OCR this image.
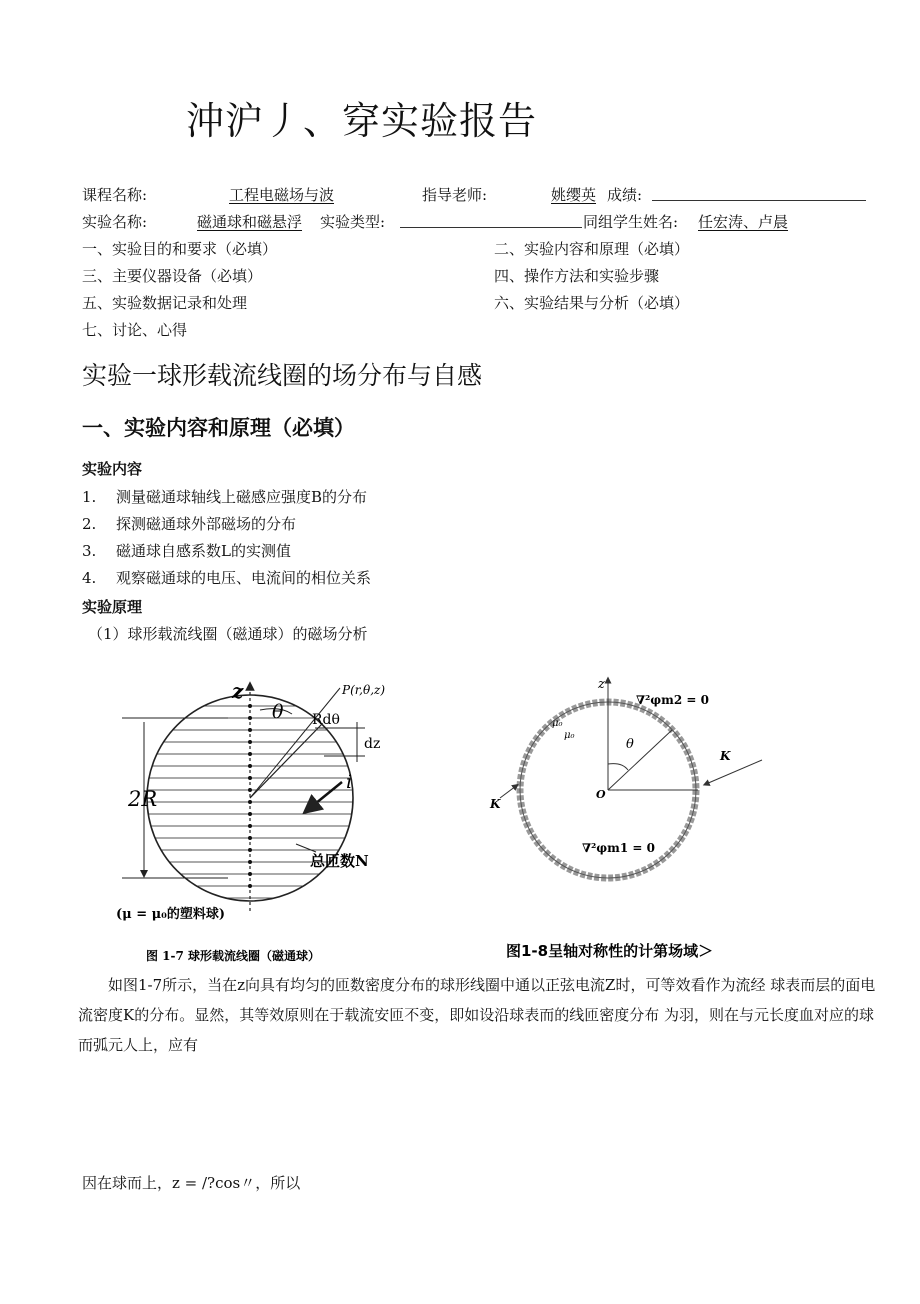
沖沪丿、穿实验报告
课程名称:	工程电磁场与波	指导老师:	姚缨英 成绩:
实验名称:	磁通球和磁悬浮 实验类型:	同组学生姓名: 任宏涛、卢晨
一、实验目的和要求（必填）	二、实验内容和原理（必填）
三、主要仪器设备（必填）	四、操作方法和实验步骤
五、实验数据记录和处理	六、实验结果与分析（必填）
七、讨论、心得
实验一球形载流线圈的场分布与自感
一、实验内容和原理（必填）
实验内容
1. 测量磁通球轴线上磁感应强度B的分布
2. 探测磁通球外部磁场的分布
3. 磁通球自感系数L的实测值
4. 观察磁通球的电压、电流间的相位关系
实验原理
（1）球形载流线圈（磁通球）的磁场分析
z
θ
P(r,θ,z)
Rdθ
dz
2R
i
总匝数N
(μ = μ₀的塑料球)
图 1-7 球形载流线圈（磁通球）
z
∇²φm2 = 0
∇²φm1 = 0
μ₀
μ₀
θ
O
K
K
图1-8呈轴对称性的计第场域＞
如图1-7所示，当在z向具有均匀的匝数密度分布的球形线圈中通以正弦电流Z时，可等效看作为流经 球表而层的面电流密度K的分布。显然，其等效原则在于载流安匝不变，即如设沿球表而的线匝密度分布 为羽，则在与元长度血对应的球而弧元人上，应有
因在球而上，z = /?cos〃，所以
